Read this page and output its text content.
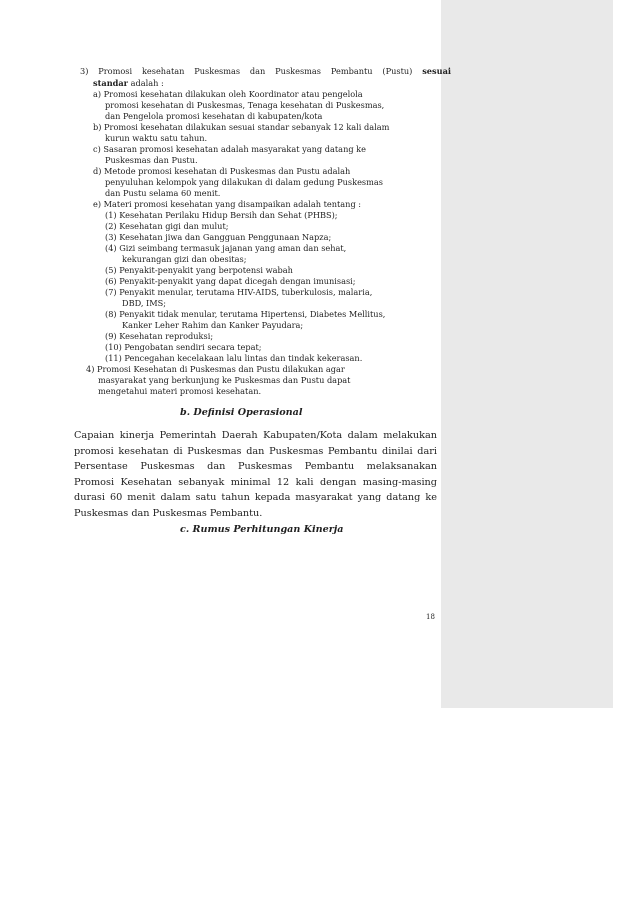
3) Promosi kesehatan Puskesmas dan Puskesmas Pembantu (Pustu) sesuai
standar adalah :
a) Promosi kesehatan dilakukan oleh Koordinator atau pengelola
promosi kesehatan di Puskesmas, Tenaga kesehatan di Puskesmas,
dan Pengelola promosi kesehatan di kabupaten/kota
b) Promosi kesehatan dilakukan sesuai standar sebanyak 12 kali dalam
kurun waktu satu tahun.
c) Sasaran promosi kesehatan adalah masyarakat yang datang ke
Puskesmas dan Pustu.
d) Metode promosi kesehatan di Puskesmas dan Pustu adalah
penyuluhan kelompok yang dilakukan di dalam gedung Puskesmas
dan Pustu selama 60 menit.
e) Materi promosi kesehatan yang disampaikan adalah tentang :
(1) Kesehatan Perilaku Hidup Bersih dan Sehat (PHBS);
(2) Kesehatan gigi dan mulut;
(3) Kesehatan jiwa dan Gangguan Penggunaan Napza;
(4) Gizi seimbang termasuk jajanan yang aman dan sehat,
kekurangan gizi dan obesitas;
(5) Penyakit-penyakit yang berpotensi wabah
(6) Penyakit-penyakit yang dapat dicegah dengan imunisasi;
(7) Penyakit menular, terutama HIV-AIDS, tuberkulosis, malaria,
DBD, IMS;
(8) Penyakit tidak menular, terutama Hipertensi, Diabetes Mellitus,
Kanker Leher Rahim dan Kanker Payudara;
(9) Kesehatan reproduksi;
(10) Pengobatan sendiri secara tepat;
(11) Pencegahan kecelakaan lalu lintas dan tindak kekerasan.
4) Promosi Kesehatan di Puskesmas dan Pustu dilakukan agar
masyarakat yang berkunjung ke Puskesmas dan Pustu dapat
mengetahui materi promosi kesehatan.
b. Definisi Operasional
Capaian kinerja Pemerintah Daerah Kabupaten/Kota dalam melakukan
promosi kesehatan di Puskesmas dan Puskesmas Pembantu dinilai dari
Persentase Puskesmas dan Puskesmas Pembantu melaksanakan
Promosi Kesehatan sebanyak minimal 12 kali dengan masing-masing
durasi 60 menit dalam satu tahun kepada masyarakat yang datang ke
Puskesmas dan Puskesmas Pembantu.
c. Rumus Perhitungan Kinerja
18
